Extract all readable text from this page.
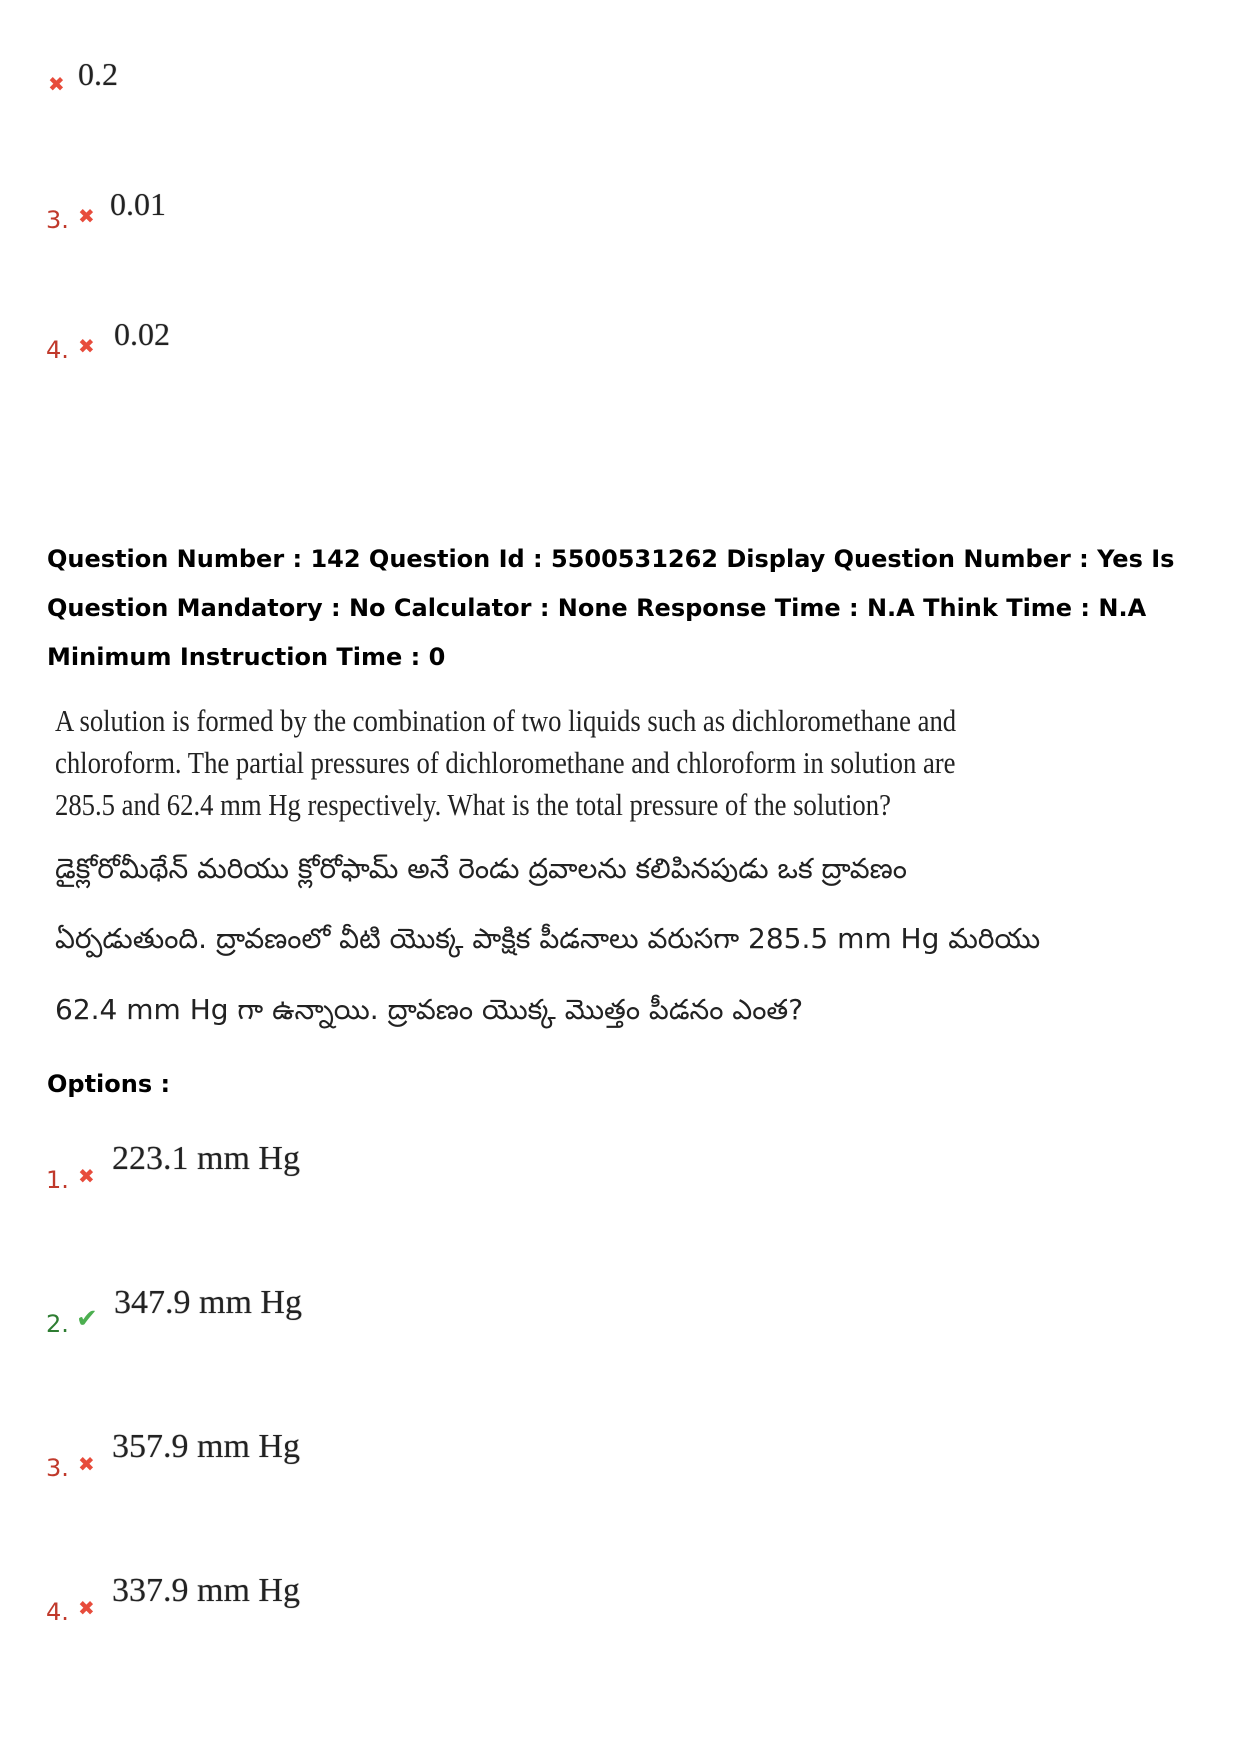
✖ 0.2
3. ✖ 0.01
4. ✖ 0.02
Question Number : 142 Question Id : 5500531262 Display Question Number : Yes Is Question Mandatory : No Calculator : None Response Time : N.A Think Time : N.A Minimum Instruction Time : 0
A solution is formed by the combination of two liquids such as dichloromethane and
chloroform. The partial pressures of dichloromethane and chloroform in solution are
285.5 and 62.4 mm Hg respectively. What is the total pressure of the solution?
డైక్లోరోమీథేన్ మరియు క్లోరోఫామ్ అనే రెండు ద్రవాలను కలిపినపుడు ఒక ద్రావణం
ఏర్పడుతుంది. ద్రావణంలో వీటి యొక్క పాక్షిక పీడనాలు వరుసగా 285.5 mm Hg మరియు
62.4 mm Hg గా ఉన్నాయి. ద్రావణం యొక్క మొత్తం పీడనం ఎంత?
Options :
1. ✖ 223.1 mm Hg
2. ✔ 347.9 mm Hg
3. ✖ 357.9 mm Hg
4. ✖ 337.9 mm Hg
